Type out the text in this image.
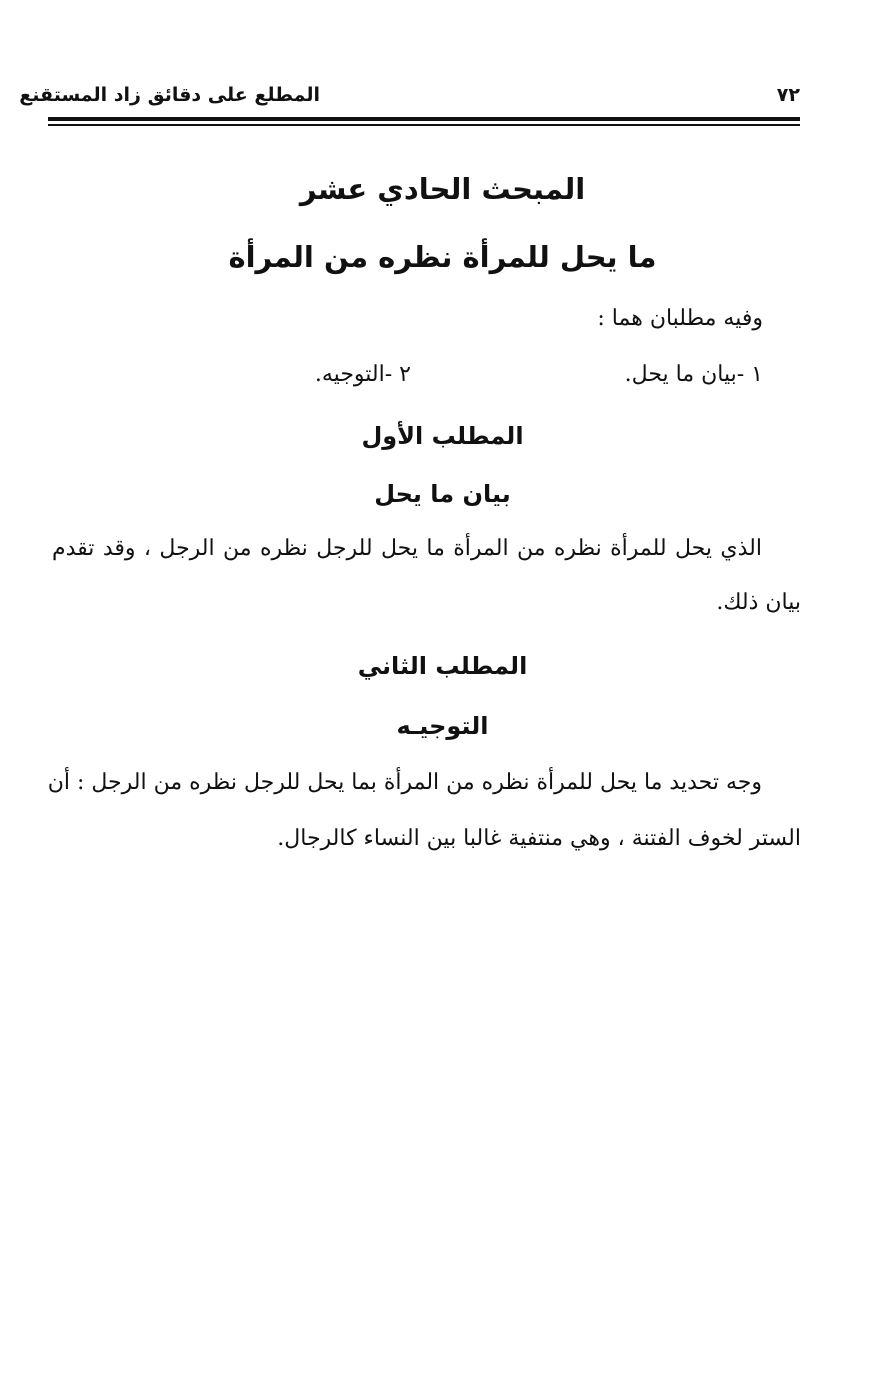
المطلع على دقائق زاد المستقنع	٧٢
المبحث الحادي عشر
ما يحل للمرأة نظره من المرأة
وفيه مطلبان هما :
١ -بيان ما يحل.
٢ -التوجيه.
المطلب الأول
بيان ما يحل
الذي يحل للمرأة نظره من المرأة ما يحل للرجل نظره من الرجل ، وقد تقدم
بيان ذلك.
المطلب الثاني
التوجيـه
وجه تحديد ما يحل للمرأة نظره من المرأة بما يحل للرجل نظره من الرجل : أن
الستر لخوف الفتنة ، وهي منتفية غالبا بين النساء كالرجال.
